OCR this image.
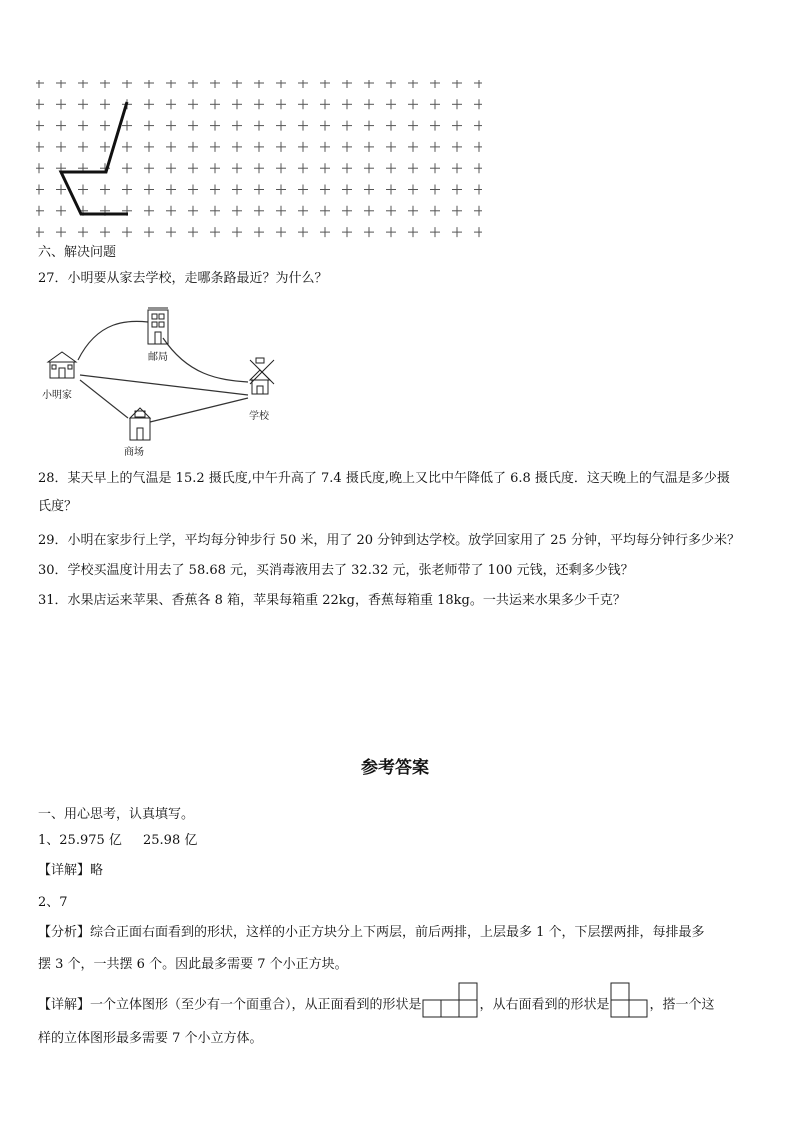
六、解决问题
27．小明要从家去学校，走哪条路最近？为什么？
邮局
小明家
学校
商场
28．某天早上的气温是 15.2 摄氏度,中午升高了 7.4 摄氏度,晚上又比中午降低了 6.8 摄氏度．这天晚上的气温是多少摄
氏度？
29．小明在家步行上学，平均每分钟步行 50 米，用了 20 分钟到达学校。放学回家用了 25 分钟，平均每分钟行多少米？
30．学校买温度计用去了 58.68 元，买消毒液用去了 32.32 元，张老师带了 100 元钱，还剩多少钱？
31．水果店运来苹果、香蕉各 8 箱，苹果每箱重 22kg，香蕉每箱重 18kg。一共运来水果多少千克？
参考答案
一、用心思考，认真填写。
1、25.975 亿 25.98 亿
【详解】略
2、7
【分析】综合正面右面看到的形状，这样的小正方块分上下两层，前后两排，上层最多 1 个，下层摆两排，每排最多
摆 3 个，一共摆 6 个。因此最多需要 7 个小正方块。
【详解】一个立体图形（至少有一个面重合），从正面看到的形状是	，从右面看到的形状是	，搭一个这
样的立体图形最多需要 7 个小立方体。
